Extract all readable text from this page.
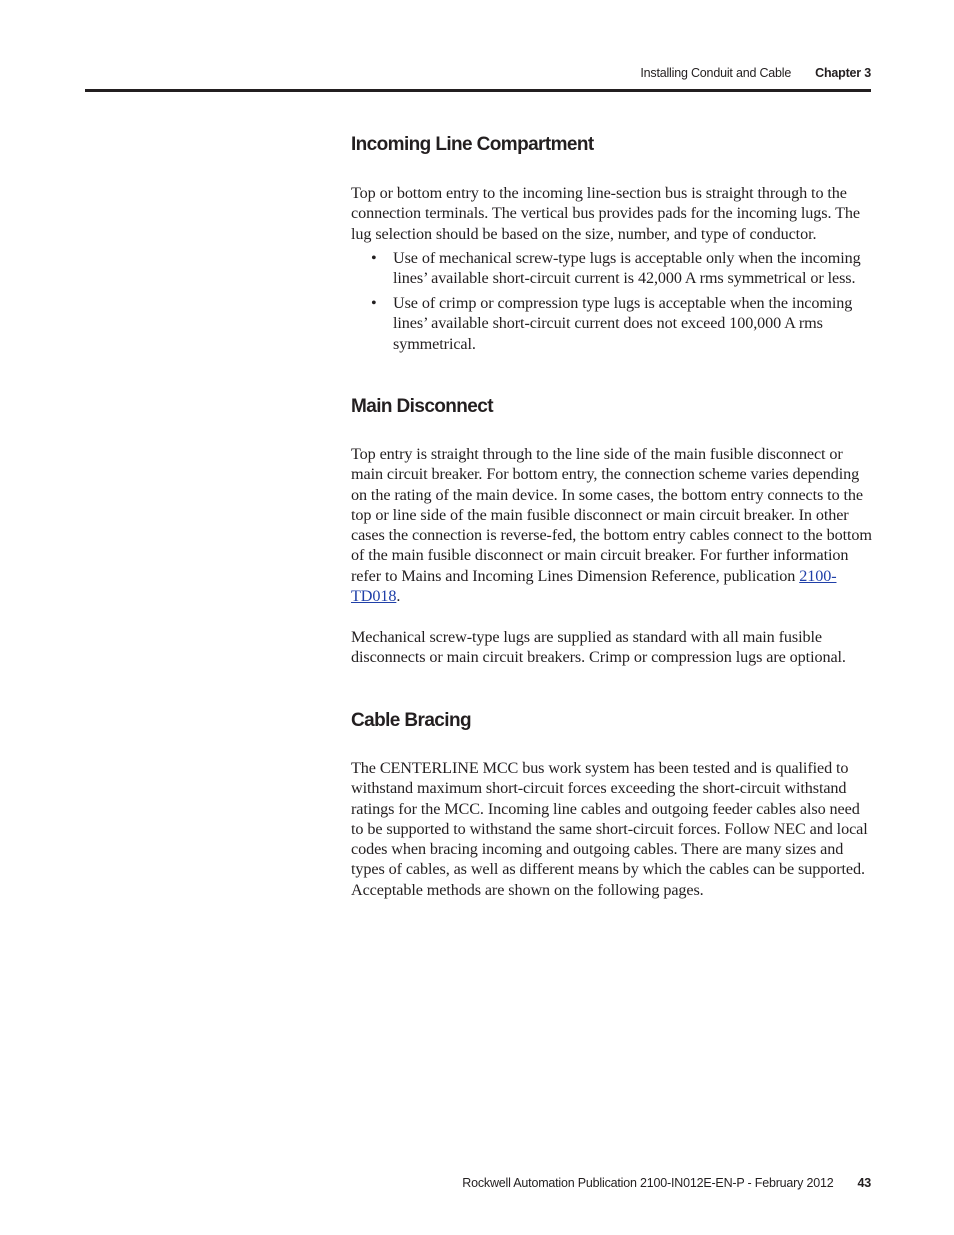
Installing Conduit and Cable Chapter 3
Incoming Line Compartment

Top or bottom entry to the incoming line-section bus is straight through to the connection terminals. The vertical bus provides pads for the incoming lugs. The lug selection should be based on the size, number, and type of conductor.

• Use of mechanical screw-type lugs is acceptable only when the incoming lines’ available short-circuit current is 42,000 A rms symmetrical or less.
• Use of crimp or compression type lugs is acceptable when the incoming lines’ available short-circuit current does not exceed 100,000 A rms symmetrical.
Main Disconnect

Top entry is straight through to the line side of the main fusible disconnect or main circuit breaker. For bottom entry, the connection scheme varies depending on the rating of the main device. In some cases, the bottom entry connects to the top or line side of the main fusible disconnect or main circuit breaker. In other cases the connection is reverse-fed, the bottom entry cables connect to the bottom of the main fusible disconnect or main circuit breaker. For further information refer to Mains and Incoming Lines Dimension Reference, publication 2100-TD018.

Mechanical screw-type lugs are supplied as standard with all main fusible disconnects or main circuit breakers. Crimp or compression lugs are optional.

Cable Bracing

The CENTERLINE MCC bus work system has been tested and is qualified to withstand maximum short-circuit forces exceeding the short-circuit withstand ratings for the MCC. Incoming line cables and outgoing feeder cables also need to be supported to withstand the same short-circuit forces. Follow NEC and local codes when bracing incoming and outgoing cables. There are many sizes and types of cables, as well as different means by which the cables can be supported. Acceptable methods are shown on the following pages.

Rockwell Automation Publication 2100-IN012E-EN-P - February 2012 43
